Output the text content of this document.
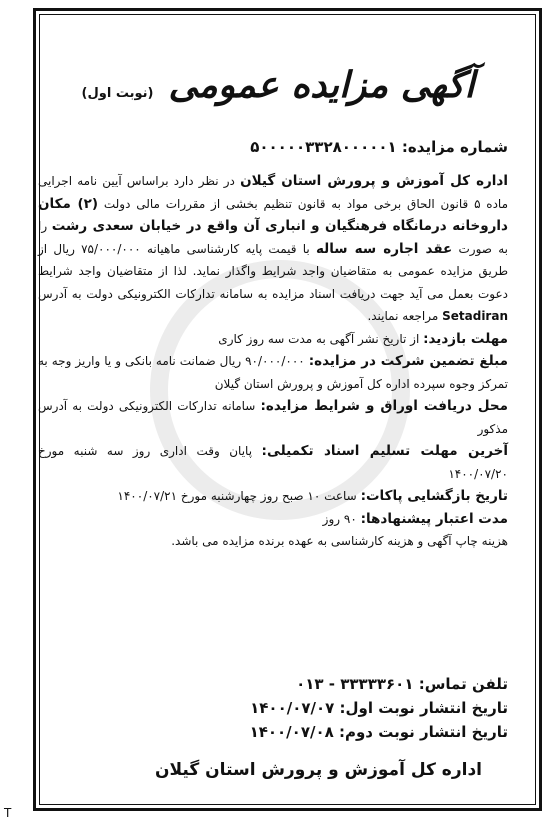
آگهی مزایده عمومی (نوبت اول)
شماره مزایده: ۵۰۰۰۰۰۳۳۲۸۰۰۰۰۰۱
اداره کل آموزش و پرورش استان گیلان در نظر دارد براساس آیین نامه اجرایی ماده ۵ قانون الحاق برخی مواد به قانون تنظیم بخشی از مقررات مالی دولت (۲) مکان داروخانه درمانگاه فرهنگیان و انباری آن واقع در خیابان سعدی رشت را به صورت عقد اجاره سه ساله با قیمت پایه کارشناسی ماهیانه ۷۵/۰۰۰/۰۰۰ ریال از طریق مزایده عمومی به متقاضیان واجد شرایط واگذار نماید. لذا از متقاضیان واجد شرایط دعوت بعمل می آید جهت دریافت اسناد مزایده به سامانه تدارکات الکترونیکی دولت به آدرس Setadiran مراجعه نمایند.
مهلت بازدید: از تاریخ نشر آگهی به مدت سه روز کاری
مبلغ تضمین شرکت در مزایده: ۹۰/۰۰۰/۰۰۰ ریال ضمانت نامه بانکی و یا واریز وجه به تمرکز وجوه سپرده اداره کل آموزش و پرورش استان گیلان
محل دریافت اوراق و شرایط مزایده: سامانه تدارکات الکترونیکی دولت به آدرس مذکور
آخرین مهلت تسلیم اسناد تکمیلی: پایان وقت اداری روز سه شنبه مورخ ۱۴۰۰/۰۷/۲۰
تاریخ بازگشایی پاکات: ساعت ۱۰ صبح روز چهارشنبه مورخ ۱۴۰۰/۰۷/۲۱
مدت اعتبار پیشنهادها: ۹۰ روز
هزینه چاپ آگهی و هزینه کارشناسی به عهده برنده مزایده می باشد.
تلفن تماس: ۳۳۳۳۳۶۰۱ - ۰۱۳
تاریخ انتشار نوبت اول: ۱۴۰۰/۰۷/۰۷
تاریخ انتشار نوبت دوم: ۱۴۰۰/۰۷/۰۸
اداره کل آموزش و پرورش استان گیلان
T
